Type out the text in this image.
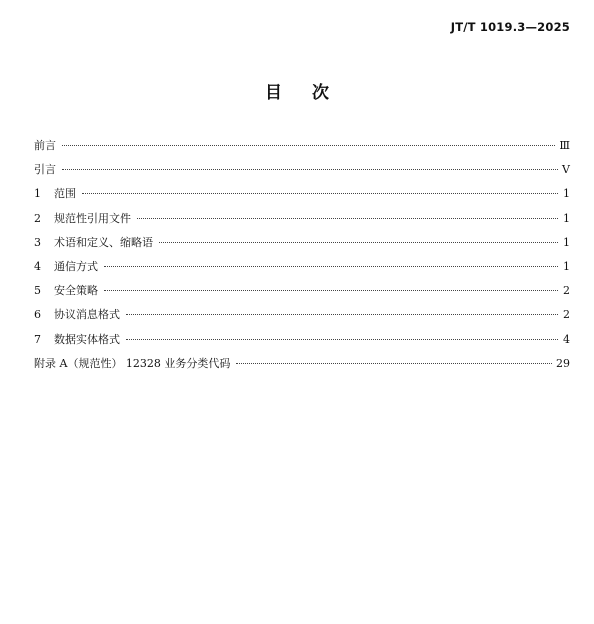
JT/T 1019.3—2025
目次
前言	Ⅲ
引言	Ⅴ
1	范围	1
2	规范性引用文件	1
3	术语和定义、缩略语	1
4	通信方式	1
5	安全策略	2
6	协议消息格式	2
7	数据实体格式	4
附录 A（规范性） 12328 业务分类代码	29
